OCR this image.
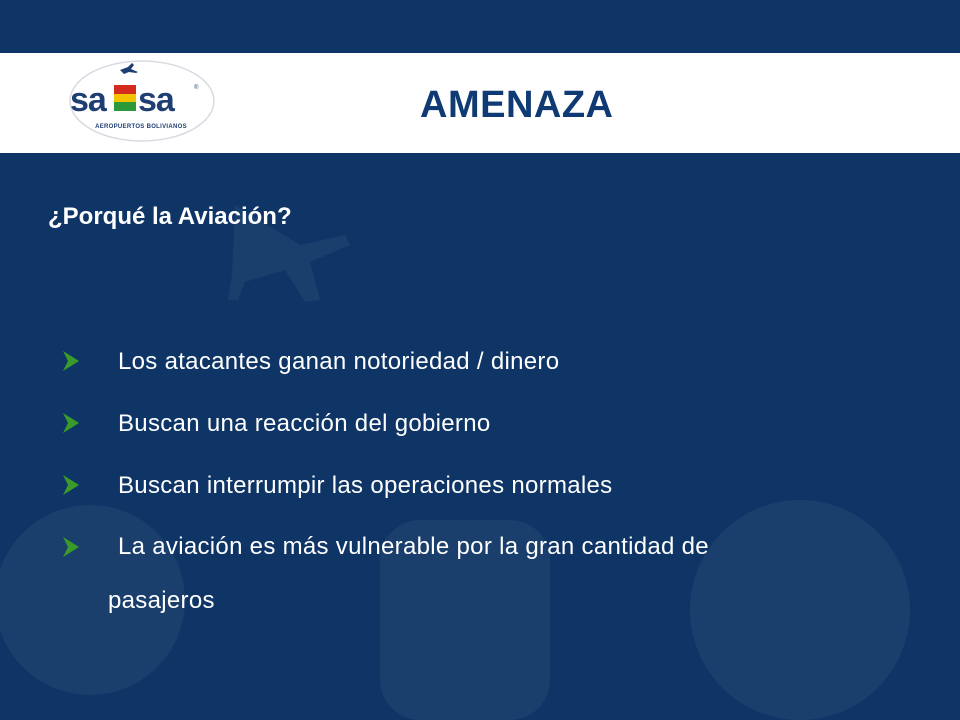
sa sa	®
AEROPUERTOS BOLIVIANOS
AMENAZA
¿Porqué la Aviación?
Los atacantes ganan notoriedad / dinero
Buscan una reacción del gobierno
Buscan interrumpir las operaciones normales
La aviación es más vulnerable por la gran cantidad de
pasajeros
